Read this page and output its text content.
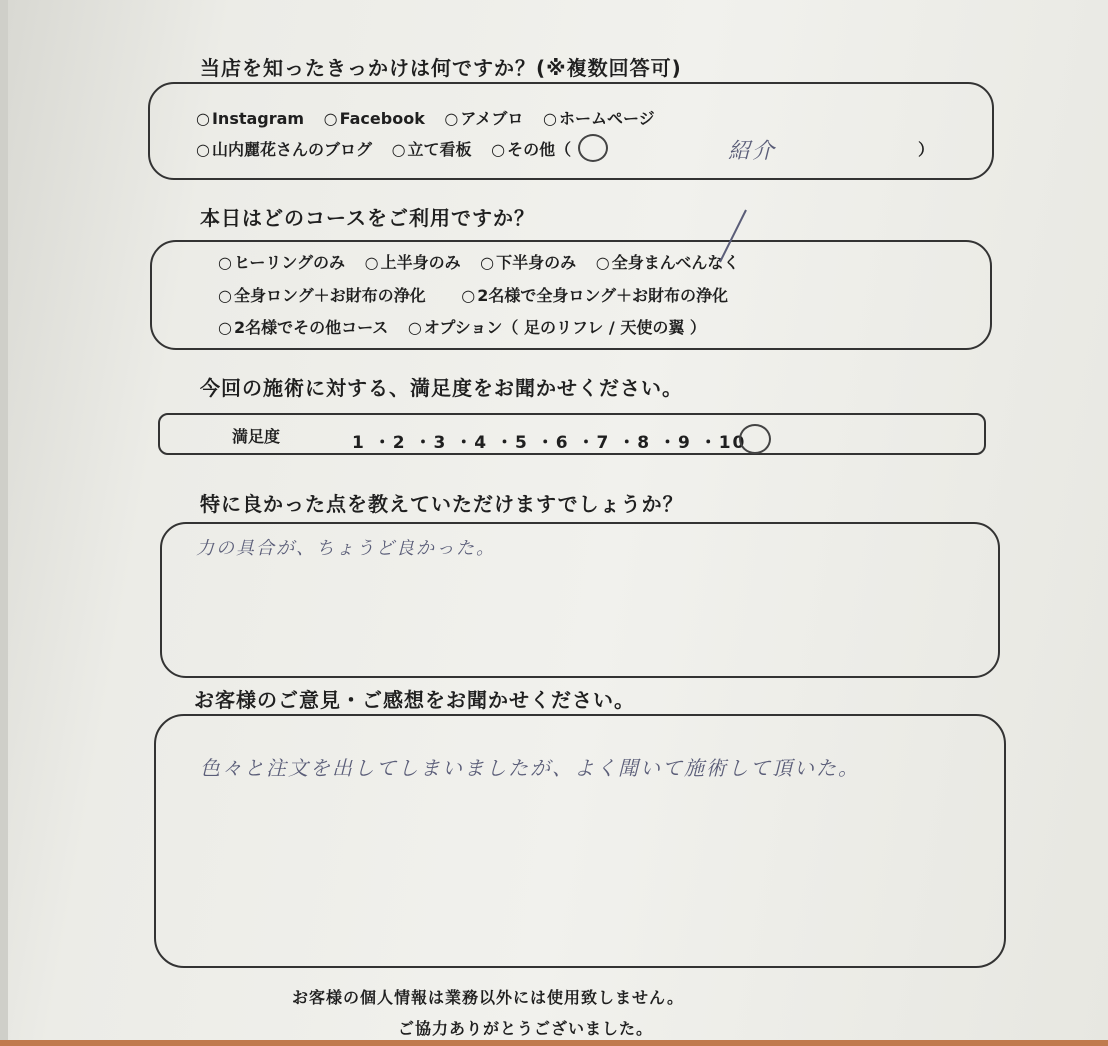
当店を知ったきっかけは何ですか？(※複数回答可)
○ Instagram ○ Facebook ○ アメブロ ○ ホームページ
○ 山内麗花さんのブログ ○ 立て看板 ○ その他（	紹介	）
本日はどのコースをご利用ですか？
○ ヒーリングのみ ○ 上半身のみ ○ 下半身のみ ○ 全身まんべんなく
○ 全身ロング＋お財布の浄化 ○ 2名様で全身ロング＋お財布の浄化
○ 2名様でその他コース ○ オプション（ 足のリフレ / 天使の翼 ）
今回の施術に対する、満足度をお聞かせください。
満足度	1 ・2 ・3 ・4 ・5 ・6 ・7 ・8 ・9 ・10
特に良かった点を教えていただけますでしょうか？
力の具合が、ちょうど良かった。
お客様のご意見・ご感想をお聞かせください。
色々と注文を出してしまいましたが、よく聞いて施術して頂いた。
お客様の個人情報は業務以外には使用致しません。
ご協力ありがとうございました。
